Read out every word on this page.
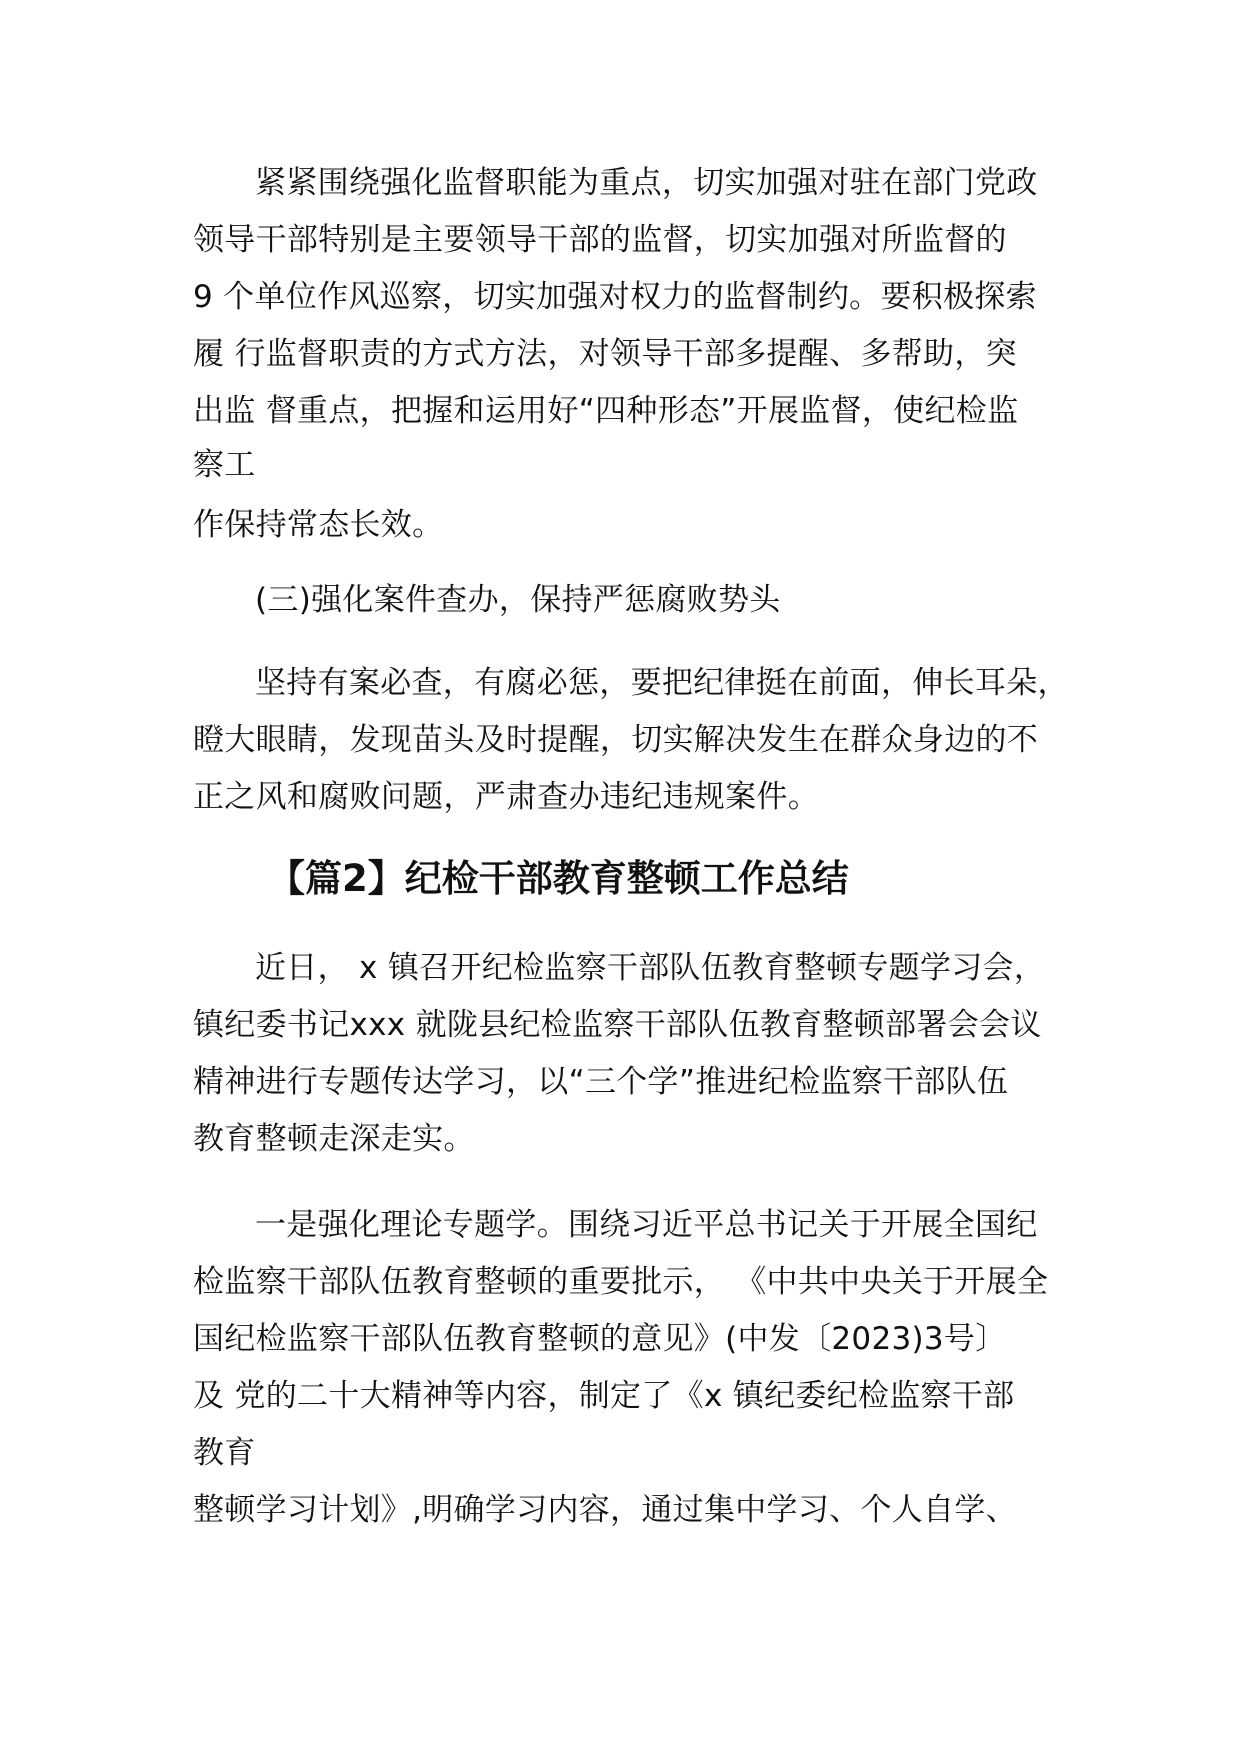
紧紧围绕强化监督职能为重点，切实加强对驻在部门党政
领导干部特别是主要领导干部的监督，切实加强对所监督的
9 个单位作风巡察，切实加强对权力的监督制约。要积极探索
履 行监督职责的方式方法，对领导干部多提醒、多帮助，突
出监 督重点，把握和运用好“四种形态”开展监督，使纪检监
察工
作保持常态长效。
(三)强化案件查办，保持严惩腐败势头
坚持有案必查，有腐必惩，要把纪律挺在前面，伸长耳朵，
瞪大眼睛，发现苗头及时提醒，切实解决发生在群众身边的不
正之风和腐败问题，严肃查办违纪违规案件。
【篇2】纪检干部教育整顿工作总结
近日， x 镇召开纪检监察干部队伍教育整顿专题学习会，
镇纪委书记xxx 就陇县纪检监察干部队伍教育整顿部署会会议
精神进行专题传达学习，以“三个学”推进纪检监察干部队伍
教育整顿走深走实。
一是强化理论专题学。围绕习近平总书记关于开展全国纪
检监察干部队伍教育整顿的重要批示， 《中共中央关于开展全
国纪检监察干部队伍教育整顿的意见》(中发〔2023)3号〕
及 党的二十大精神等内容，制定了《x 镇纪委纪检监察干部
教育
整顿学习计划》,明确学习内容，通过集中学习、个人自学、
